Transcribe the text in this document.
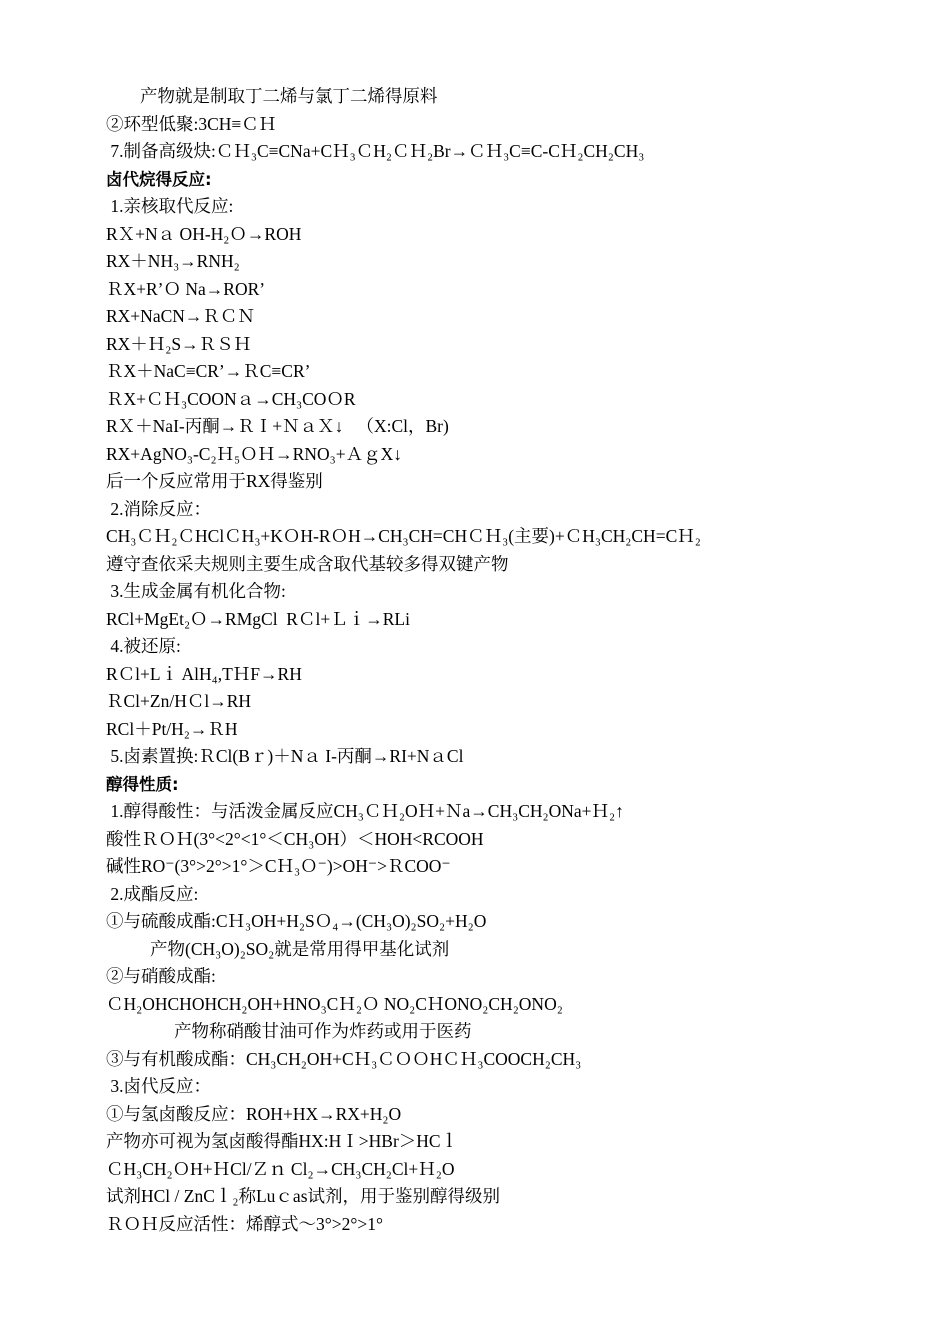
产物就是制取丁二烯与氯丁二烯得原料
②环型低聚:3CH≡ＣＨ
7.制备高级炔:ＣＨ₃C≡CNa+CＨ₃ＣH₂ＣＨ₂Br→ＣＨ₃C≡C-CＨ₂CH₂CH₃
卤代烷得反应:
1.亲核取代反应:
RＸ+Nａ OH-H₂Ｏ→ROH
RX＋NH₃→RNH₂
ＲX+R’Ｏ Na→ROR’
RX+NaCN→ＲＣＮ
RX＋Ｈ₂S→ＲＳＨ
ＲX＋NaC≡CR’→ＲC≡CR’
ＲX+ＣＨ₃COONａ→CH₃COＯR
RＸ＋NaI-丙酮→ＲＩ+ＮａＸ↓   （X:Cl，Br)
RX+AgNO₃-C₂Ｈ₅ＯＨ→RNO₃+ＡｇX↓
后一个反应常用于RX得鉴别
2.消除反应：
CH₃ＣＨ₂ＣHClＣH₃+KＯH-RＯH→CH₃CH=CHＣＨ₃(主要)+ＣH₃CH₂CH=CＨ₂
遵守查依采夫规则主要生成含取代基较多得双键产物
3.生成金属有机化合物:
RCl+MgEt₂Ｏ→RMgCl  RＣl+Ｌｉ→RLi
4.被还原:
RＣl+Lｉ AlH₄,TＨF→RH
ＲCl+Zn/HＣl→RH
RCl＋Pt/H₂→ＲH
5.卤素置换:ＲCl(Bｒ)＋Nａ I-丙酮→RI+NａCl
醇得性质:
1.醇得酸性：与活泼金属反应CH₃ＣＨ₂OＨ+Ｎa→CH₃CH₂ONa+Ｈ₂↑
酸性ＲＯＨ(3°<2°<1°＜CH₃OH）＜HOH<RCOOH
碱性RO⁻(3°>2°>1°＞CＨ₃Ｏ⁻)>OH⁻>ＲCOO⁻
2.成酯反应:
①与硫酸成酯:CＨ₃OH+H₂SＯ₄→(CH₃O)₂SO₂+H₂O
产物(CH₃O)₂SO₂就是常用得甲基化试剂
②与硝酸成酯:
ＣH₂OHCHOHCH₂OH+HNO₃CＨ₂Ｏ NO₂CＨONO₂CH₂ONO₂
产物称硝酸甘油可作为炸药或用于医药
③与有机酸成酯：CH₃CH₂OH+CＨ₃ＣＯＯHＣＨ₃COOCH₂CH₃
3.卤代反应：
①与氢卤酸反应：ROH+HX→RX+H₂O
产物亦可视为氢卤酸得酯HX:HＩ>HBr＞HCｌ
ＣH₃CH₂ＯH+ＨCl/Ｚｎ Cl₂→CH₃CH₂Cl+Ｈ₂O
试剂HCl / ZnCｌ₂称Luｃas试剂，用于鉴别醇得级别
ＲＯＨ反应活性：烯醇式～3°>2°>1°
